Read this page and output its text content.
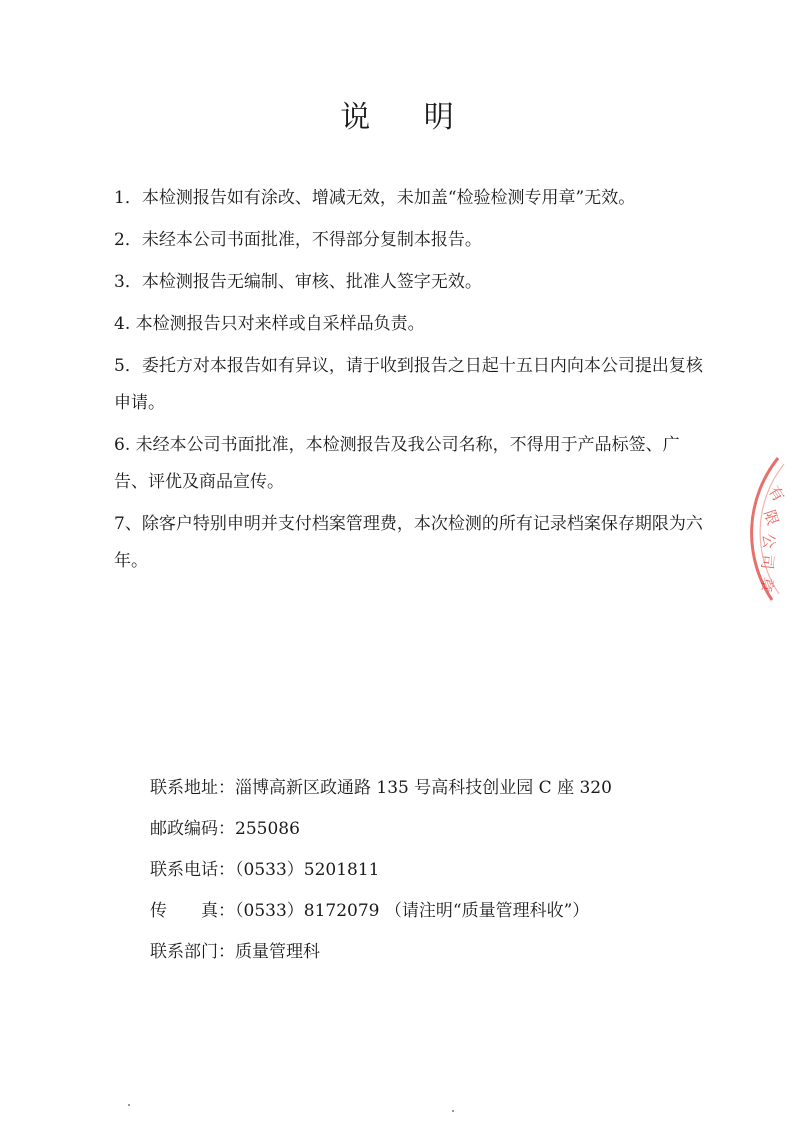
说 明

1．本检测报告如有涂改、增减无效，未加盖“检验检测专用章”无效。

2．未经本公司书面批准，不得部分复制本报告。

3．本检测报告无编制、审核、批准人签字无效。

4. 本检测报告只对来样或自采样品负责。

5．委托方对本报告如有异议，请于收到报告之日起十五日内向本公司提出复核申请。

6. 未经本公司书面批准，本检测报告及我公司名称，不得用于产品标签、广告、评优及商品宣传。

7、除客户特别申明并支付档案管理费，本次检测的所有记录档案保存期限为六年。

联系地址：淄博高新区政通路 135 号高科技创业园 C 座 320
邮政编码：255086
联系电话：（0533）5201811
传　　真：（0533）8172079 （请注明“质量管理科收”）
联系部门：质量管理科
有
限
公
司
章
